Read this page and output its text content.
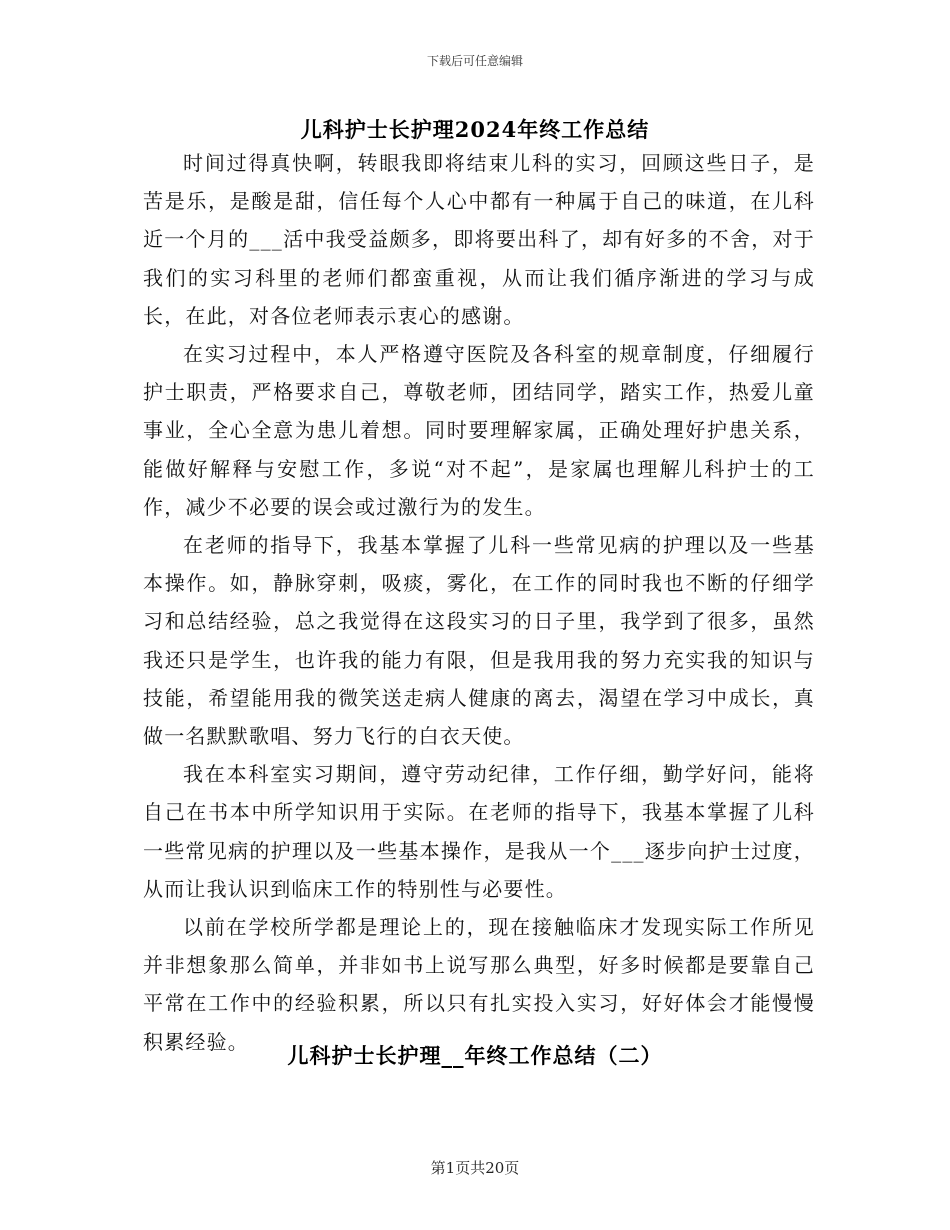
下载后可任意编辑
儿科护士长护理2024年终工作总结

时间过得真快啊，转眼我即将结束儿科的实习，回顾这些日子，是苦是乐，是酸是甜，信任每个人心中都有一种属于自己的味道，在儿科近一个月的___活中我受益颇多，即将要出科了，却有好多的不舍，对于我们的实习科里的老师们都蛮重视，从而让我们循序渐进的学习与成长，在此，对各位老师表示衷心的感谢。

在实习过程中，本人严格遵守医院及各科室的规章制度，仔细履行护士职责，严格要求自己，尊敬老师，团结同学，踏实工作，热爱儿童事业，全心全意为患儿着想。同时要理解家属，正确处理好护患关系，能做好解释与安慰工作，多说“对不起”，是家属也理解儿科护士的工作，减少不必要的误会或过激行为的发生。

在老师的指导下，我基本掌握了儿科一些常见病的护理以及一些基本操作。如，静脉穿刺，吸痰，雾化，在工作的同时我也不断的仔细学习和总结经验，总之我觉得在这段实习的日子里，我学到了很多，虽然我还只是学生，也许我的能力有限，但是我用我的努力充实我的知识与技能，希望能用我的微笑送走病人健康的离去，渴望在学习中成长，真做一名默默歌唱、努力飞行的白衣天使。

我在本科室实习期间，遵守劳动纪律，工作仔细，勤学好问，能将自己在书本中所学知识用于实际。在老师的指导下，我基本掌握了儿科一些常见病的护理以及一些基本操作，是我从一个___逐步向护士过度，从而让我认识到临床工作的特别性与必要性。

以前在学校所学都是理论上的，现在接触临床才发现实际工作所见并非想象那么简单，并非如书上说写那么典型，好多时候都是要靠自己平常在工作中的经验积累，所以只有扎实投入实习，好好体会才能慢慢积累经验。

儿科护士长护理__年终工作总结（二）
第1页共20页
